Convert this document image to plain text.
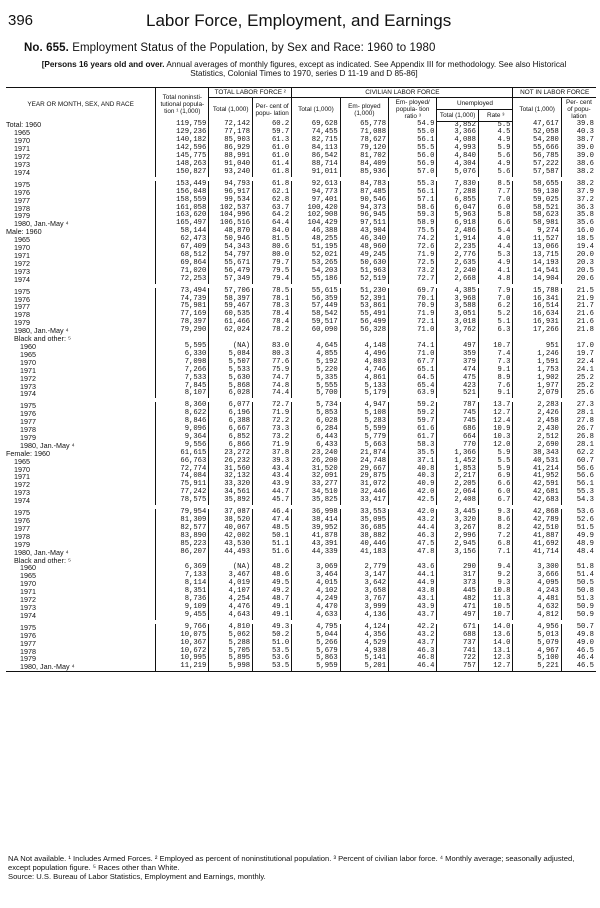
396	Labor Force, Employment, and Earnings
No. 655. Employment Status of the Population, by Sex and Race: 1960 to 1980
[Persons 16 years old and over. Annual averages of monthly figures, except as indicated. See Appendix III for methodology. See also Historical Statistics, Colonial Times to 1970, series D 11-19 and D 85-86]
YEAR OR MONTH, SEX, AND RACE	Total noninsti- tutional popula- tion ¹ (1,000)	TOTAL LABOR FORCE ²		CIVILIAN LABOR FORCE					NOT IN LABOR FORCE	
		Total (1,000)	Per- cent of popu- lation	Total (1,000)	Em- ployed (1,000)	Em- ployed/ popula- tion ratio ³	Unemployed		Total (1,000)	Per- cent of popu- lation
							Total (1,000)	Rate ³		
Total: 1960	119,759	72,142	60.2	69,628	65,778	54.9	3,852	5.5	47,617	39.8
1965	129,236	77,178	59.7	74,455	71,088	55.0	3,366	4.5	52,058	40.3
1970	140,182	85,903	61.3	82,715	78,627	56.1	4,088	4.9	54,280	38.7
1971	142,596	86,929	61.0	84,113	79,120	55.5	4,993	5.9	55,666	39.0
1972	145,775	88,991	61.0	86,542	81,702	56.0	4,840	5.6	56,785	39.0
1973	148,263	91,040	61.4	88,714	84,409	56.9	4,304	4.9	57,222	38.6
1974	150,827	93,240	61.8	91,011	85,936	57.0	5,076	5.6	57,587	38.2

1975	153,449	94,793	61.8	92,613	84,783	55.3	7,830	8.5	58,655	38.2
1976	156,048	96,917	62.1	94,773	87,485	56.1	7,288	7.7	59,130	37.9
1977	158,559	99,534	62.8	97,401	90,546	57.1	6,855	7.0	59,025	37.2
1978	161,058	102,537	63.7	100,420	94,373	58.6	6,047	6.0	58,521	36.3
1979	163,620	104,996	64.2	102,908	96,945	59.3	5,963	5.8	58,623	35.8
1980, Jan.-May ⁴	165,497	106,516	64.4	104,429	97,511	58.9	6,918	6.6	58,981	35.6
Male: 1960	58,144	48,870	84.0	46,388	43,904	75.5	2,486	5.4	9,274	16.0
1965	62,473	50,946	81.5	48,255	46,340	74.2	1,914	4.0	11,527	18.5
1970	67,409	54,343	80.6	51,195	48,960	72.6	2,235	4.4	13,066	19.4
1971	68,512	54,797	80.0	52,021	49,245	71.9	2,776	5.3	13,715	20.0
1972	69,864	55,671	79.7	53,265	50,630	72.5	2,635	4.9	14,193	20.3
1973	71,020	56,479	79.5	54,203	51,963	73.2	2,240	4.1	14,541	20.5
1974	72,253	57,349	79.4	55,186	52,519	72.7	2,668	4.8	14,904	20.6

1975	73,494	57,706	78.5	55,615	51,230	69.7	4,385	7.9	15,788	21.5
1976	74,739	58,397	78.1	56,359	52,391	70.1	3,968	7.0	16,341	21.9
1977	75,981	59,467	78.3	57,449	53,861	70.9	3,588	6.2	16,514	21.7
1978	77,169	60,535	78.4	58,542	55,491	71.9	3,051	5.2	16,634	21.6
1979	78,397	61,466	78.4	59,517	56,499	72.1	3,018	5.1	16,931	21.6
1980, Jan.-May ⁴	79,290	62,024	78.2	60,090	56,328	71.0	3,762	6.3	17,266	21.8
Black and other: ⁵										
1960	5,595	(NA)	83.0	4,645	4,148	74.1	497	10.7	951	17.0
1965	6,330	5,084	80.3	4,855	4,496	71.0	359	7.4	1,246	19.7
1970	7,098	5,507	77.6	5,192	4,803	67.7	379	7.3	1,591	22.4
1971	7,266	5,533	75.9	5,220	4,746	65.1	474	9.1	1,753	24.1
1972	7,533	5,630	74.7	5,335	4,861	64.5	475	8.9	1,902	25.2
1973	7,845	5,868	74.8	5,555	5,133	65.4	423	7.6	1,977	25.2
1974	8,107	6,028	74.4	5,700	5,179	63.9	521	9.1	2,079	25.6

1975	8,360	6,077	72.7	5,734	4,947	59.2	787	13.7	2,283	27.3
1976	8,622	6,196	71.9	5,853	5,108	59.2	745	12.7	2,426	28.1
1977	8,846	6,388	72.2	6,028	5,283	59.7	745	12.4	2,458	27.8
1978	9,096	6,667	73.3	6,284	5,599	61.6	686	10.9	2,430	26.7
1979	9,364	6,852	73.2	6,443	5,779	61.7	664	10.3	2,512	26.8
1980, Jan.-May ⁴	9,556	6,866	71.9	6,433	5,663	58.3	770	12.0	2,690	28.1
Female: 1960	61,615	23,272	37.8	23,240	21,874	35.5	1,366	5.9	38,343	62.2
1965	66,763	26,232	39.3	26,200	24,748	37.1	1,452	5.5	40,531	60.7
1970	72,774	31,560	43.4	31,520	29,667	40.8	1,853	5.9	41,214	56.6
1971	74,084	32,132	43.4	32,091	29,875	40.3	2,217	6.9	41,952	56.6
1972	75,911	33,320	43.9	33,277	31,072	40.9	2,205	6.6	42,591	56.1
1973	77,242	34,561	44.7	34,510	32,446	42.0	2,064	6.0	42,681	55.3
1974	78,575	35,892	45.7	35,825	33,417	42.5	2,408	6.7	42,683	54.3

1975	79,954	37,087	46.4	36,998	33,553	42.0	3,445	9.3	42,868	53.6
1976	81,309	38,520	47.4	38,414	35,095	43.2	3,320	8.6	42,789	52.6
1977	82,577	40,067	48.5	39,952	36,685	44.4	3,267	8.2	42,510	51.5
1978	83,890	42,002	50.1	41,878	38,882	46.3	2,996	7.2	41,887	49.9
1979	85,223	43,530	51.1	43,391	40,446	47.5	2,945	6.8	41,692	48.9
1980, Jan.-May ⁴	86,207	44,493	51.6	44,339	41,183	47.8	3,156	7.1	41,714	48.4
Black and other: ⁵										
1960	6,369	(NA)	48.2	3,069	2,779	43.6	290	9.4	3,300	51.8
1965	7,133	3,467	48.6	3,464	3,147	44.1	317	9.2	3,666	51.4
1970	8,114	4,019	49.5	4,015	3,642	44.9	373	9.3	4,095	50.5
1971	8,351	4,107	49.2	4,102	3,658	43.8	445	10.8	4,243	50.8
1972	8,736	4,254	48.7	4,249	3,767	43.1	482	11.3	4,481	51.3
1973	9,109	4,476	49.1	4,470	3,999	43.9	471	10.5	4,632	50.9
1974	9,455	4,643	49.1	4,633	4,136	43.7	497	10.7	4,812	50.9

1975	9,766	4,810	49.3	4,795	4,124	42.2	671	14.0	4,956	50.7
1976	10,075	5,062	50.2	5,044	4,356	43.2	688	13.6	5,013	49.8
1977	10,367	5,288	51.0	5,266	4,529	43.7	737	14.0	5,079	49.0
1978	10,672	5,705	53.5	5,679	4,938	46.3	741	13.1	4,967	46.5
1979	10,995	5,895	53.6	5,863	5,141	46.8	722	12.3	5,100	46.4
1980, Jan.-May ⁴	11,219	5,998	53.5	5,959	5,201	46.4	757	12.7	5,221	46.5
NA Not available. ¹ Includes Armed Forces. ² Employed as percent of noninstitutional population. ³ Percent of civilian labor force. ⁴ Monthly average; seasonally adjusted, except population figure. ⁵ Races other than White.
Source: U.S. Bureau of Labor Statistics, Employment and Earnings, monthly.
